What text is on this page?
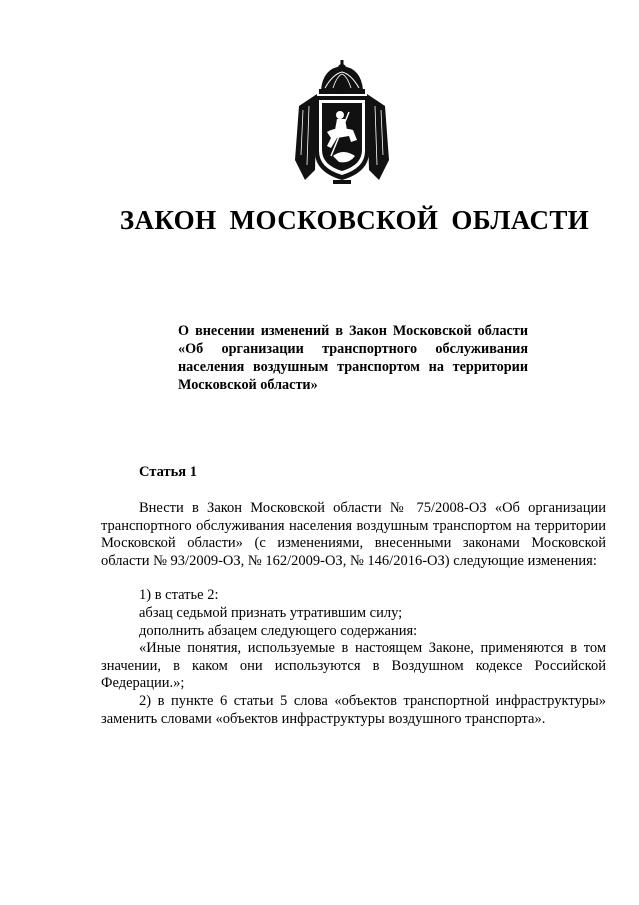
ЗАКОН МОСКОВСКОЙ ОБЛАСТИ
О внесении изменений в Закон Московской области «Об организации транспортного обслуживания населения воздушным транспортом на территории Московской области»
Статья 1

Внести в Закон Московской области № 75/2008-ОЗ «Об организации транспортного обслуживания населения воздушным транспортом на территории Московской области» (с изменениями, внесенными законами Московской области № 93/2009-ОЗ, № 162/2009-ОЗ, № 146/2016-ОЗ) следующие изменения:

1) в статье 2:

абзац седьмой признать утратившим силу;

дополнить абзацем следующего содержания:

«Иные понятия, используемые в настоящем Законе, применяются в том значении, в каком они используются в Воздушном кодексе Российской Федерации.»;

2) в пункте 6 статьи 5 слова «объектов транспортной инфраструктуры» заменить словами «объектов инфраструктуры воздушного транспорта».
